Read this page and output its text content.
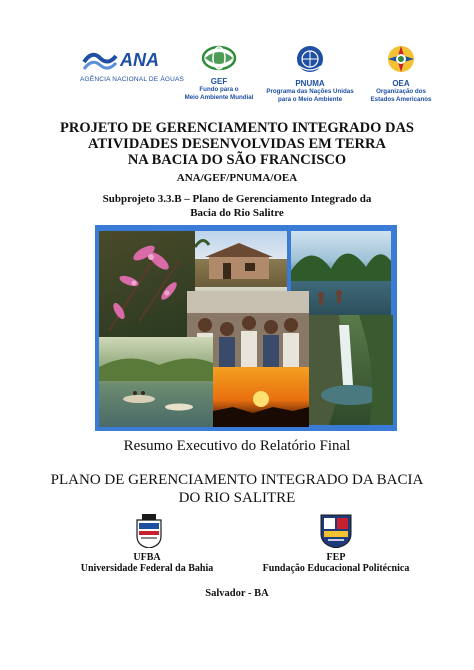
ANA
AGÊNCIA NACIONAL DE ÁGUAS	GEF
Fundo para o
Meio Ambiente Mundial
PNUMA
Programa das Nações Unidas
para o Meio Ambiente
OEA
Organização dos
Estados Americanos
PROJETO DE GERENCIAMENTO INTEGRADO DAS
ATIVIDADES DESENVOLVIDAS EM TERRA
NA BACIA DO SÃO FRANCISCO
ANA/GEF/PNUMA/OEA
Subprojeto 3.3.B – Plano de Gerenciamento Integrado da
Bacia do Rio Salitre
Resumo Executivo do Relatório Final
PLANO DE GERENCIAMENTO INTEGRADO DA BACIA
DO RIO SALITRE
UFBA
Universidade Federal da Bahia
FEP
Fundação Educacional Politécnica
Salvador - BA
